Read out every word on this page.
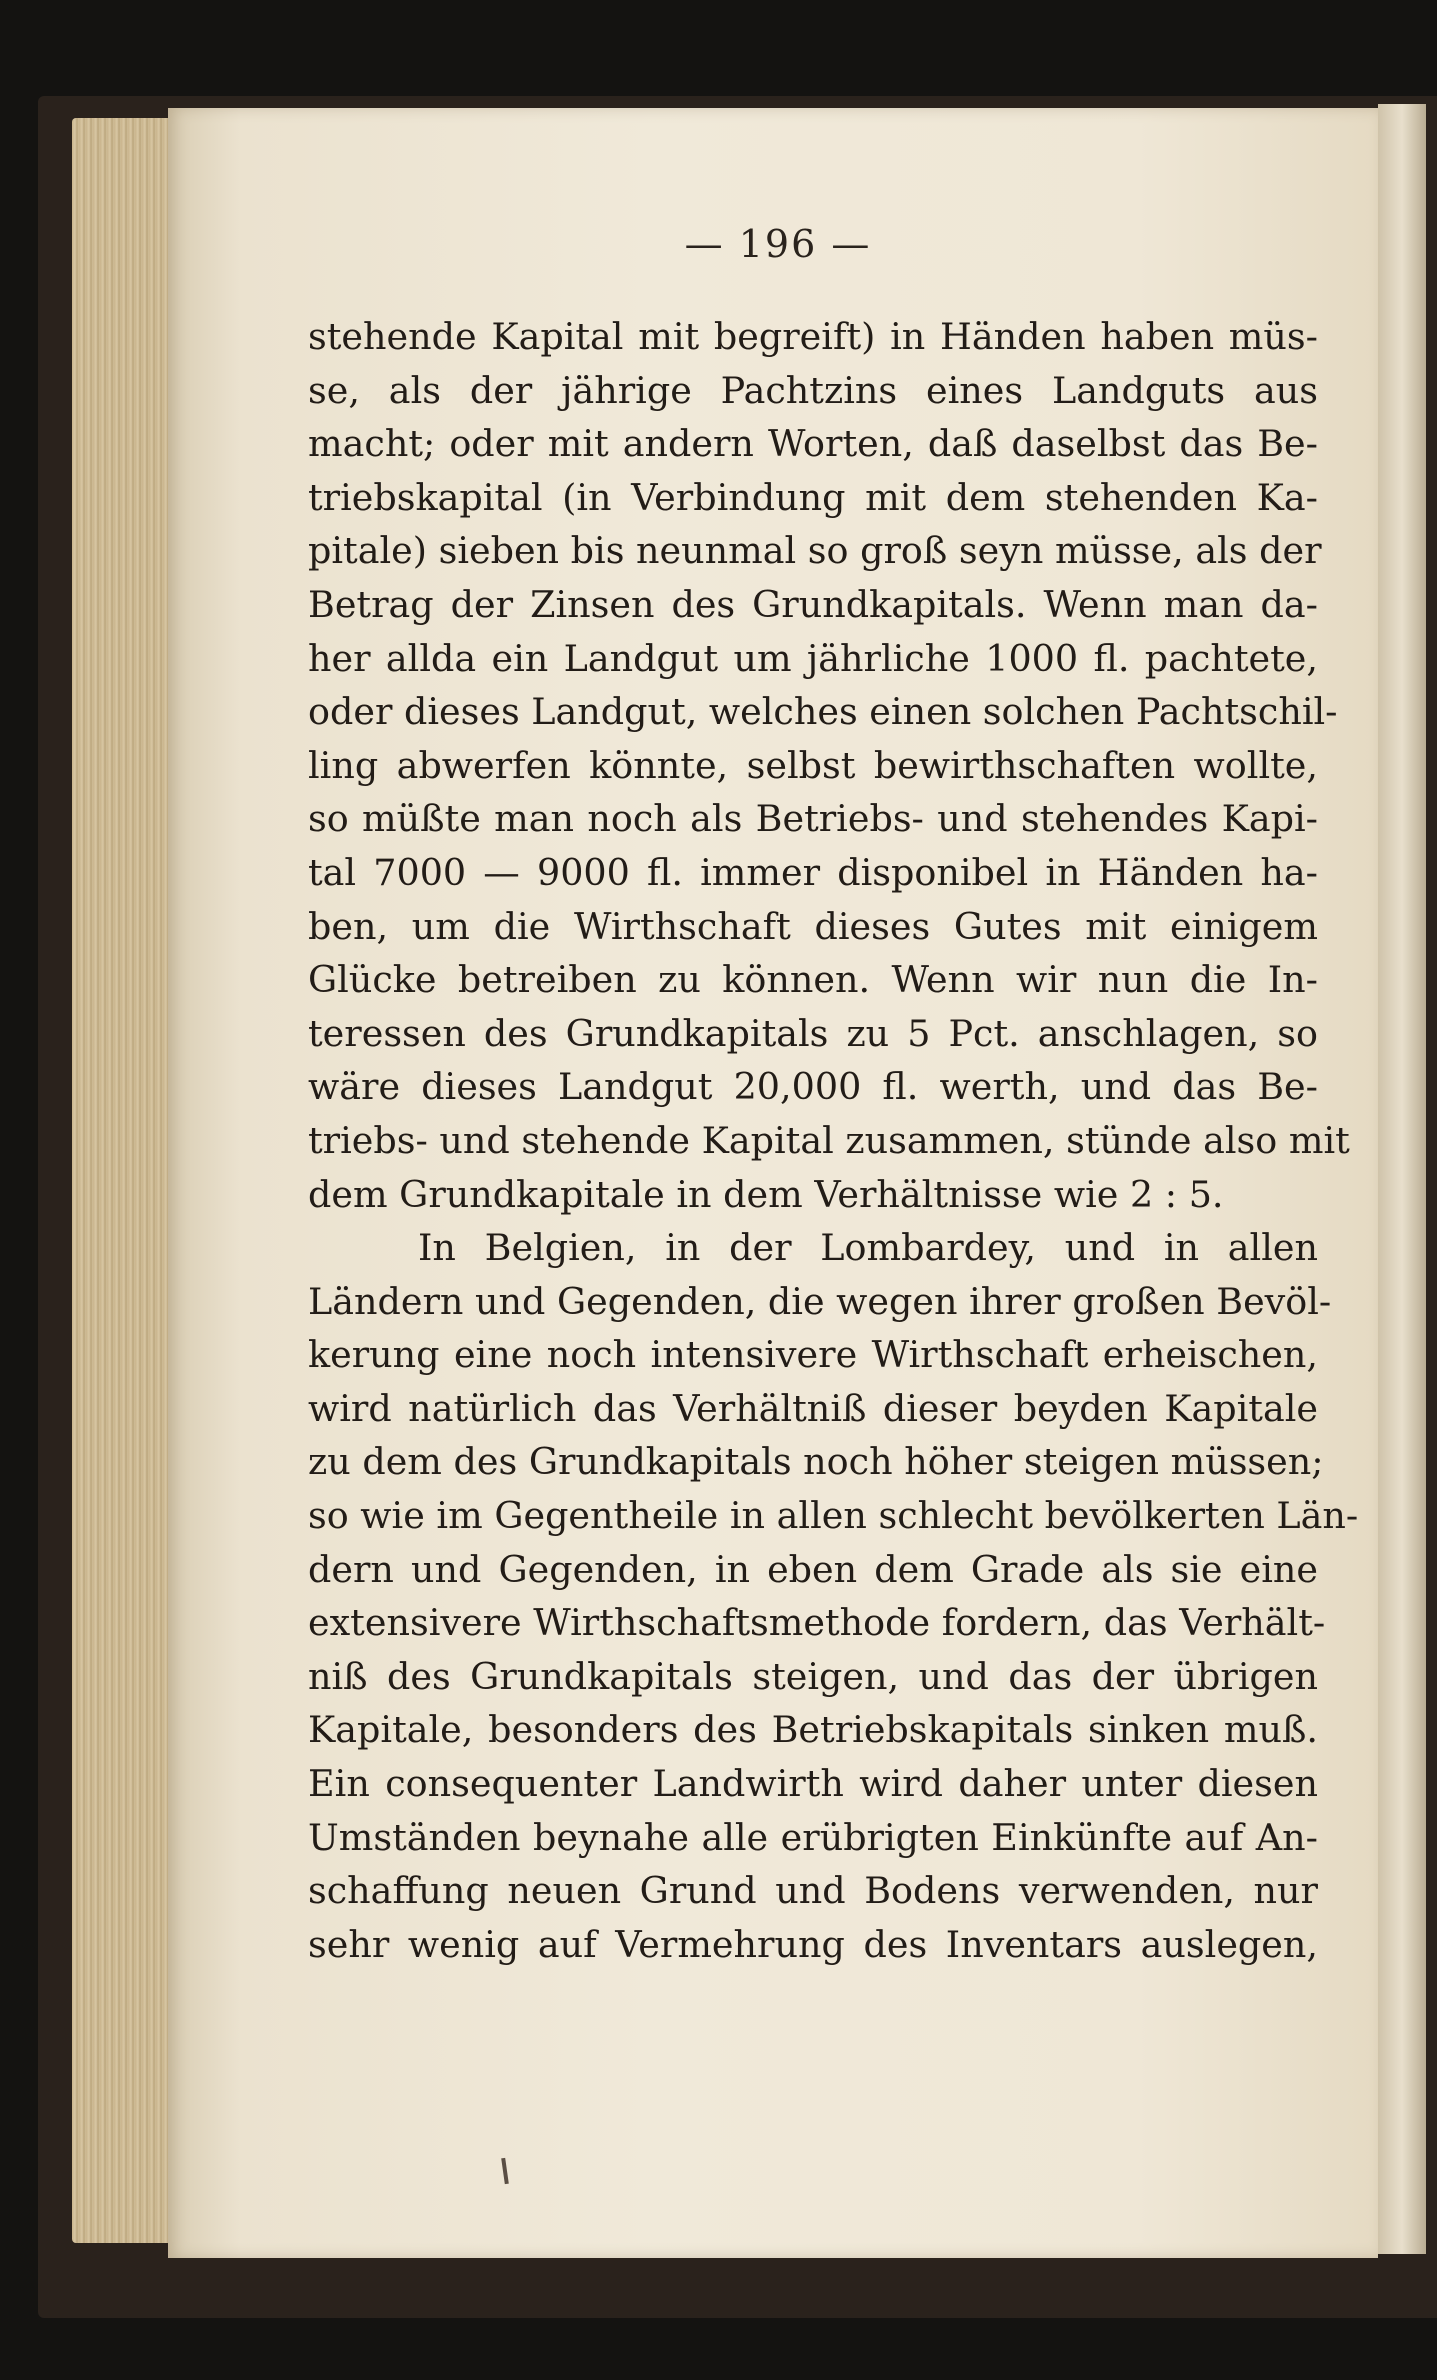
— 196 —
stehende Kapital mit begreift) in Händen haben müs-
se, als der jährige Pachtzins eines Landguts aus
macht; oder mit andern Worten, daß daselbst das Be-
triebskapital (in Verbindung mit dem stehenden Ka-
pitale) sieben bis neunmal so groß seyn müsse, als der
Betrag der Zinsen des Grundkapitals. Wenn man da-
her allda ein Landgut um jährliche 1000 fl. pachtete,
oder dieses Landgut, welches einen solchen Pachtschil-
ling abwerfen könnte, selbst bewirthschaften wollte,
so müßte man noch als Betriebs- und stehendes Kapi-
tal 7000 — 9000 fl. immer disponibel in Händen ha-
ben, um die Wirthschaft dieses Gutes mit einigem
Glücke betreiben zu können. Wenn wir nun die In-
teressen des Grundkapitals zu 5 Pct. anschlagen, so
wäre dieses Landgut 20,000 fl. werth, und das Be-
triebs- und stehende Kapital zusammen, stünde also mit
dem Grundkapitale in dem Verhältnisse wie 2 : 5.
In Belgien, in der Lombardey, und in allen
Ländern und Gegenden, die wegen ihrer großen Bevöl-
kerung eine noch intensivere Wirthschaft erheischen,
wird natürlich das Verhältniß dieser beyden Kapitale
zu dem des Grundkapitals noch höher steigen müssen;
so wie im Gegentheile in allen schlecht bevölkerten Län-
dern und Gegenden, in eben dem Grade als sie eine
extensivere Wirthschaftsmethode fordern, das Verhält-
niß des Grundkapitals steigen, und das der übrigen
Kapitale, besonders des Betriebskapitals sinken muß.
Ein consequenter Landwirth wird daher unter diesen
Umständen beynahe alle erübrigten Einkünfte auf An-
schaffung neuen Grund und Bodens verwenden, nur
sehr wenig auf Vermehrung des Inventars auslegen,
